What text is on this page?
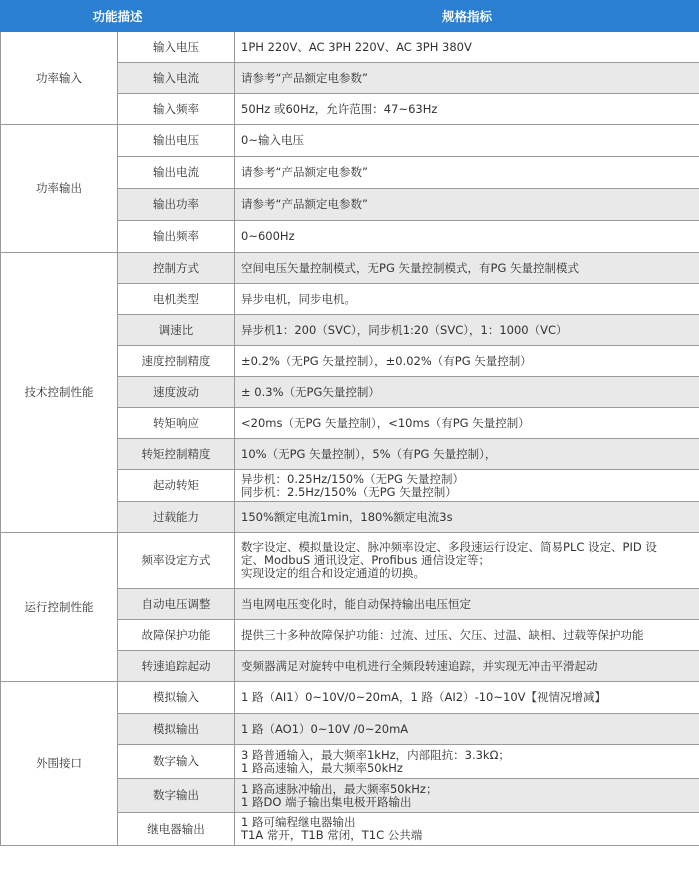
功能描述		规格指标
功率输入	输入电压	1PH 220V、AC 3PH 220V、AC 3PH 380V
	输入电流	请参考“产品额定电参数”
	输入频率	50Hz 或60Hz，允许范围：47~63Hz
功率输出	输出电压	0~输入电压
	输出电流	请参考“产品额定电参数”
	输出功率	请参考“产品额定电参数”
	输出频率	0~600Hz
技术控制性能	控制方式	空间电压矢量控制模式，无PG 矢量控制模式，有PG 矢量控制模式
	电机类型	异步电机，同步电机。
	调速比	异步机1：200（SVC），同步机1:20（SVC），1：1000（VC）
	速度控制精度	±0.2%（无PG 矢量控制），±0.02%（有PG 矢量控制）
	速度波动	± 0.3%（无PG矢量控制）
	转矩响应	<20ms（无PG 矢量控制），<10ms（有PG 矢量控制）
	转矩控制精度	10%（无PG 矢量控制），5%（有PG 矢量控制），
	起动转矩	异步机：0.25Hz/150%（无PG 矢量控制）
同步机：2.5Hz/150%（无PG 矢量控制）

	过载能力	150%额定电流1min，180%额定电流3s
运行控制性能	频率设定方式	数字设定、模拟量设定、脉冲频率设定、多段速运行设定、简易PLC 设定、PID 设
定、ModbuS 通讯设定、Profibus 通信设定等；
实现设定的组合和设定通道的切换。

	自动电压调整	当电网电压变化时，能自动保持输出电压恒定
	故障保护功能	提供三十多种故障保护功能：过流、过压、欠压、过温、缺相、过载等保护功能
	转速追踪起动	变频器满足对旋转中电机进行全频段转速追踪，并实现无冲击平滑起动
外围接口	模拟输入	1 路（AI1）0~10V/0~20mA，1 路（AI2）-10~10V【视情况增减】
	模拟输出	1 路（AO1）0~10V /0~20mA
	数字输入	3 路普通输入，最大频率1kHz，内部阻抗：3.3kΩ；
1 路高速输入，最大频率50kHz

	数字输出	1 路高速脉冲输出，最大频率50kHz；
1 路DO 端子输出集电极开路输出

	继电器输出	1 路可编程继电器输出
T1A 常开，T1B 常闭，T1C 公共端
